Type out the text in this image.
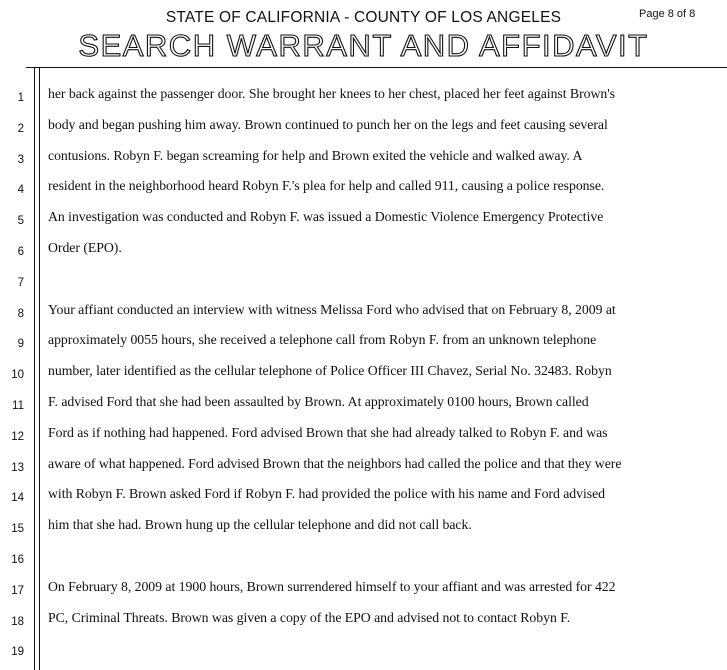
STATE OF CALIFORNIA - COUNTY OF LOS ANGELES	Page 8 of 8
SEARCH WARRANT AND AFFIDAVIT
1
2
3
4
5
6
7
8
9
10
11
12
13
14
15
16
17
18
19
her back against the passenger door. She brought her knees to her chest, placed her feet against Brown's
body and began pushing him away. Brown continued to punch her on the legs and feet causing several
contusions. Robyn F. began screaming for help and Brown exited the vehicle and walked away. A
resident in the neighborhood heard Robyn F.'s plea for help and called 911, causing a police response.
An investigation was conducted and Robyn F. was issued a Domestic Violence Emergency Protective
Order (EPO).
Your affiant conducted an interview with witness Melissa Ford who advised that on February 8, 2009 at
approximately 0055 hours, she received a telephone call from Robyn F. from an unknown telephone
number, later identified as the cellular telephone of Police Officer III Chavez, Serial No. 32483. Robyn
F. advised Ford that she had been assaulted by Brown. At approximately 0100 hours, Brown called
Ford as if nothing had happened. Ford advised Brown that she had already talked to Robyn F. and was
aware of what happened. Ford advised Brown that the neighbors had called the police and that they were
with Robyn F. Brown asked Ford if Robyn F. had provided the police with his name and Ford advised
him that she had. Brown hung up the cellular telephone and did not call back.
On February 8, 2009 at 1900 hours, Brown surrendered himself to your affiant and was arrested for 422
PC, Criminal Threats. Brown was given a copy of the EPO and advised not to contact Robyn F.
